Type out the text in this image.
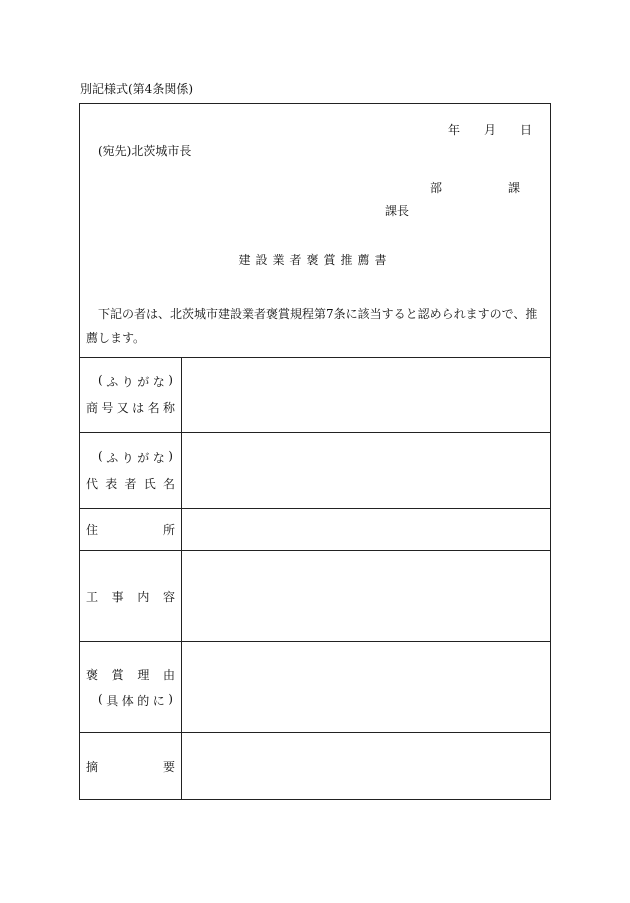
別記様式(第4条関係)
年 月 日
(宛先)北茨城市長
部	課
課長
建設業者褒賞推薦書
下記の者は、北茨城市建設業者褒賞規程第7条に該当すると認められますので、推薦します。
( ふ り が な )
商 号 又 は 名 称
( ふ り が な )
代 表 者 氏 名
住	所
工 事 内 容
褒 賞 理 由
( 具 体 的 に )
摘	要
